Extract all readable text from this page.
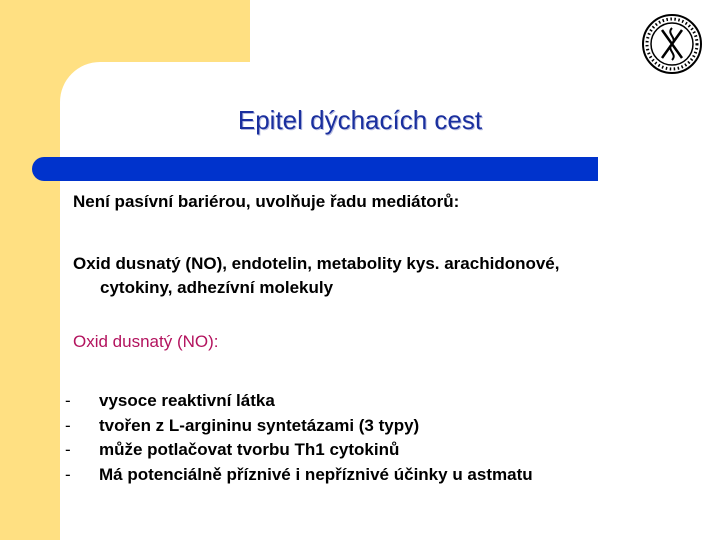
Epitel dýchacích cest
Není pasívní bariérou, uvolňuje řadu mediátorů:
Oxid dusnatý (NO), endotelin, metabolity kys. arachidonové,
cytokiny, adhezívní molekuly
Oxid dusnatý (NO):
- vysoce reaktivní látka
- tvořen z L-argininu syntetázami (3 typy)
- může potlačovat tvorbu Th1 cytokinů
- Má potenciálně příznivé i nepříznivé účinky u astmatu
